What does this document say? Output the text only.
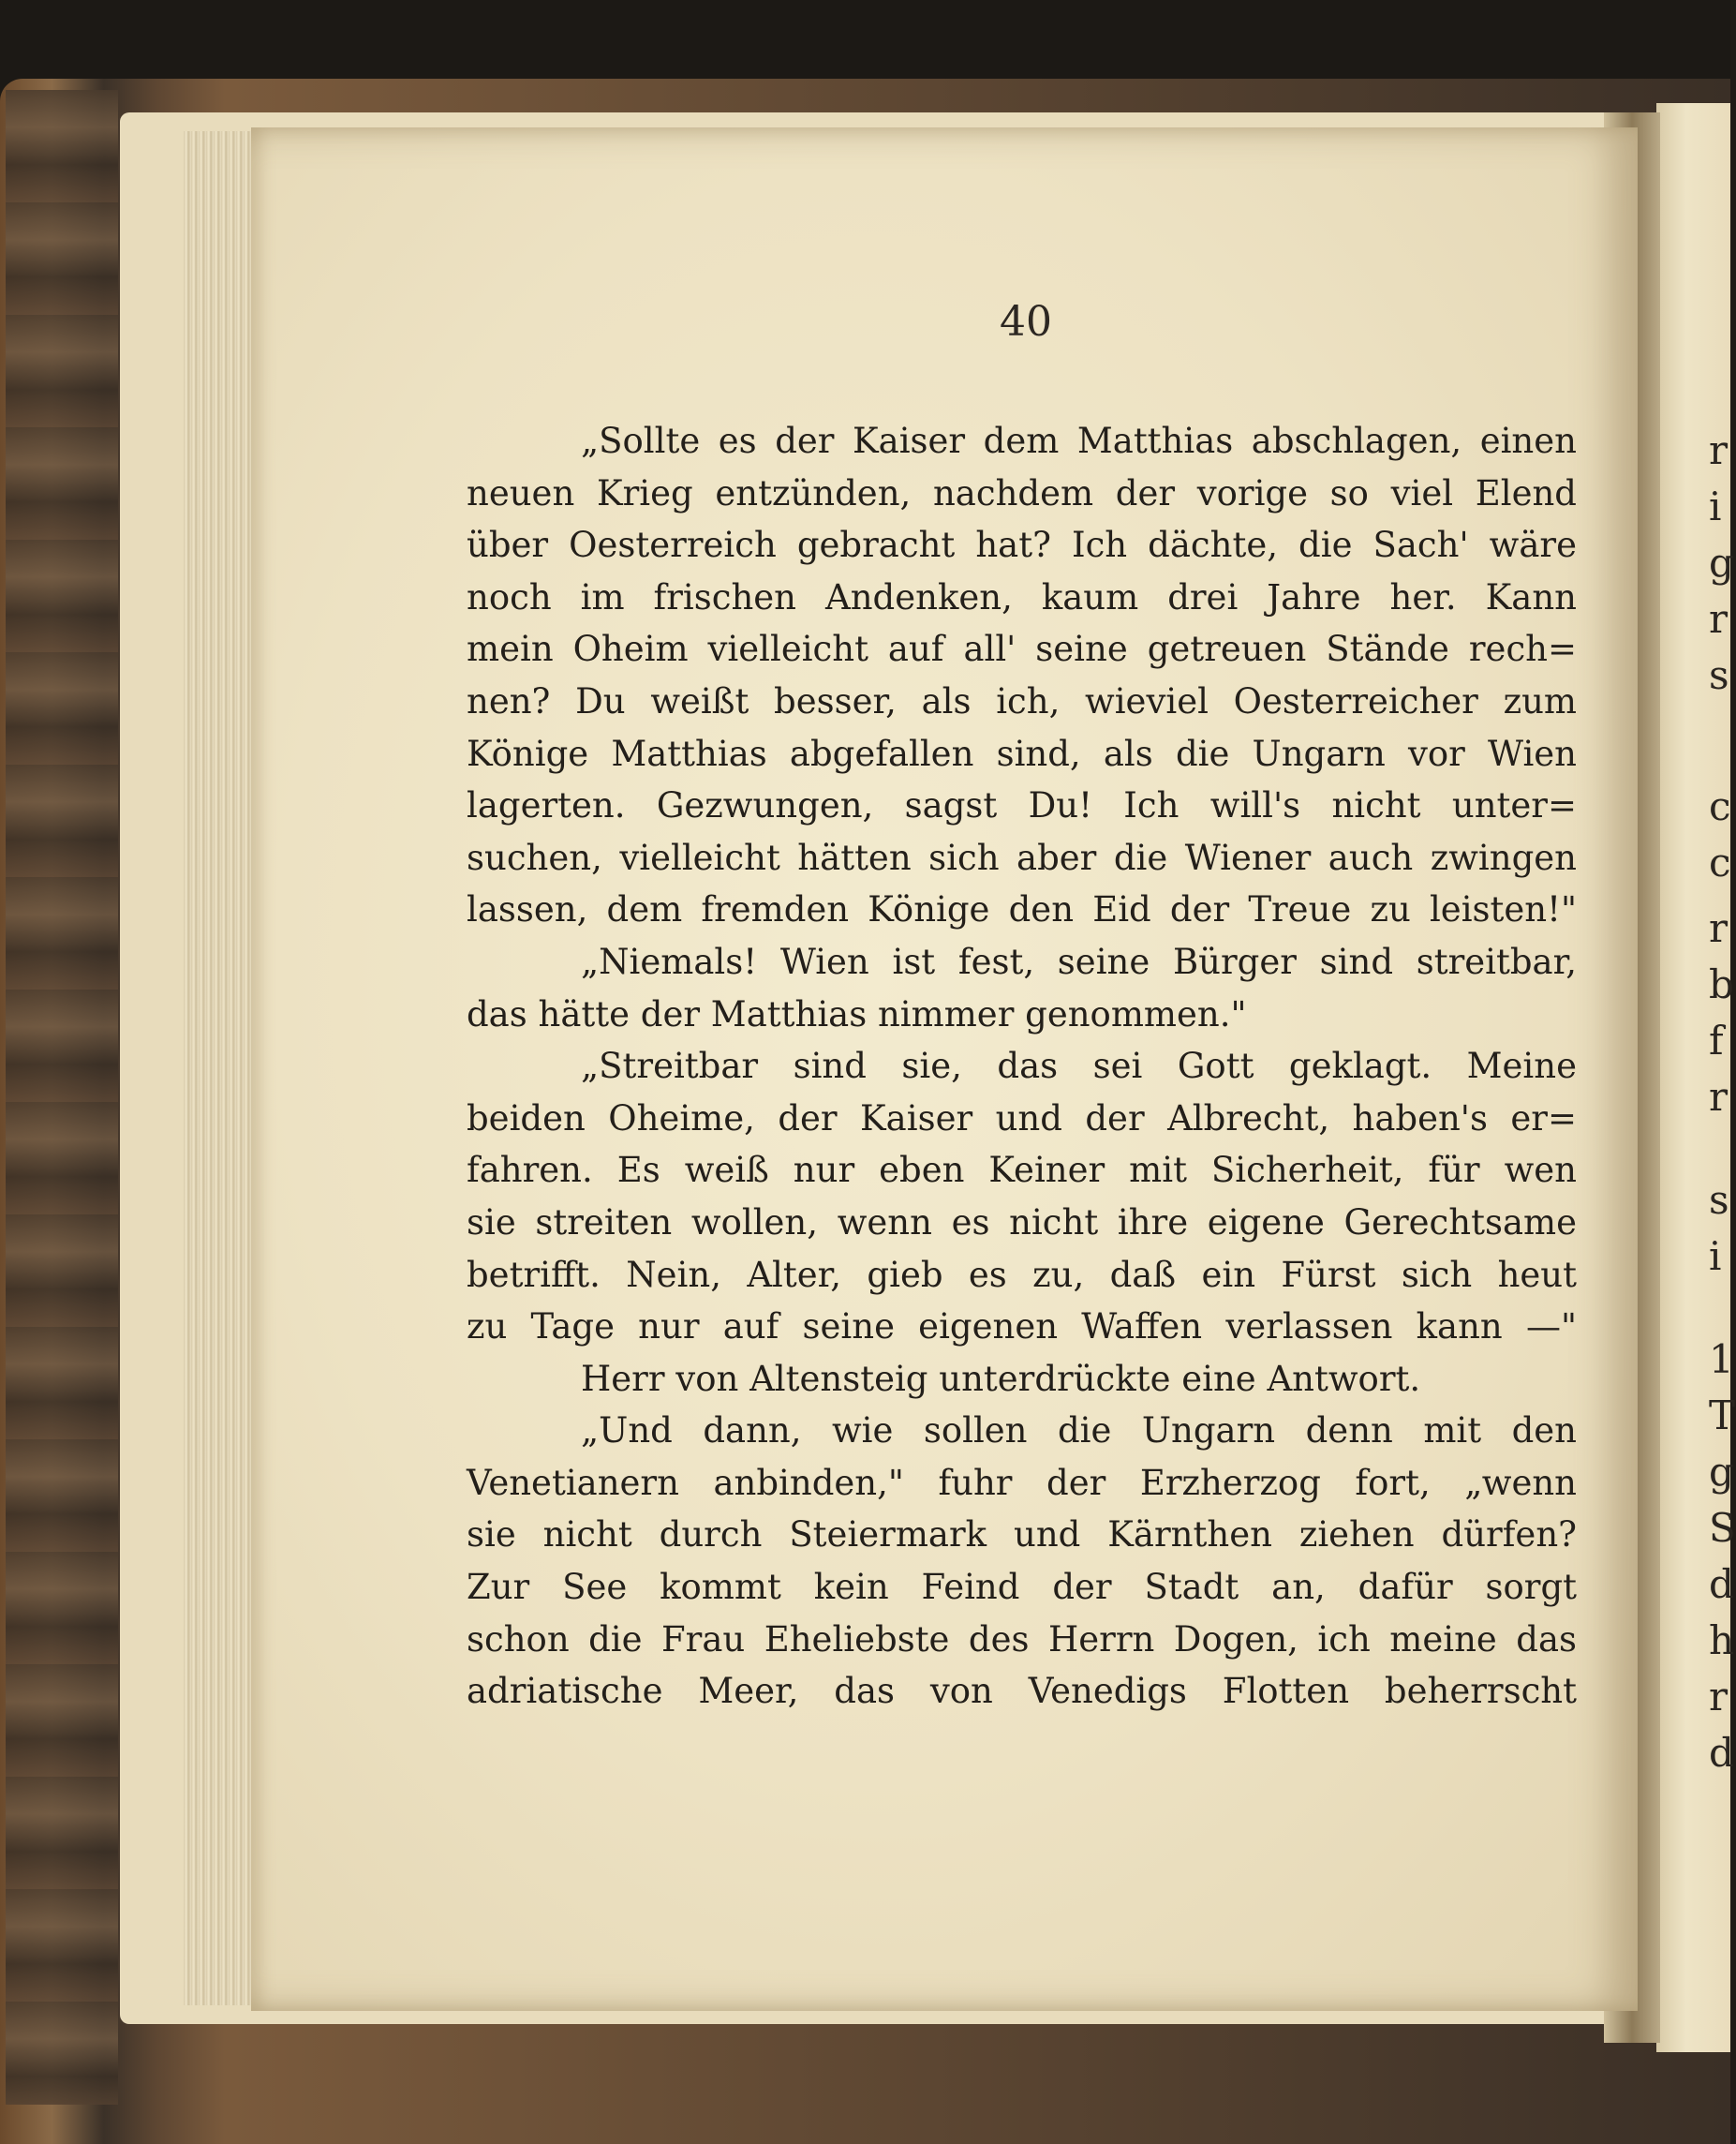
40
„Sollte es der Kaiser dem Matthias abschlagen, einen
neuen Krieg entzünden, nachdem der vorige so viel Elend
über Oesterreich gebracht hat? Ich dächte, die Sach' wäre
noch im frischen Andenken, kaum drei Jahre her. Kann
mein Oheim vielleicht auf all' seine getreuen Stände rech=
nen? Du weißt besser, als ich, wieviel Oesterreicher zum
Könige Matthias abgefallen sind, als die Ungarn vor Wien
lagerten. Gezwungen, sagst Du! Ich will's nicht unter=
suchen, vielleicht hätten sich aber die Wiener auch zwingen
lassen, dem fremden Könige den Eid der Treue zu leisten!"
„Niemals! Wien ist fest, seine Bürger sind streitbar,
das hätte der Matthias nimmer genommen."
„Streitbar sind sie, das sei Gott geklagt. Meine
beiden Oheime, der Kaiser und der Albrecht, haben's er=
fahren. Es weiß nur eben Keiner mit Sicherheit, für wen
sie streiten wollen, wenn es nicht ihre eigene Gerechtsame
betrifft. Nein, Alter, gieb es zu, daß ein Fürst sich heut
zu Tage nur auf seine eigenen Waffen verlassen kann —"
Herr von Altensteig unterdrückte eine Antwort.
„Und dann, wie sollen die Ungarn denn mit den
Venetianern anbinden," fuhr der Erzherzog fort, „wenn
sie nicht durch Steiermark und Kärnthen ziehen dürfen?
Zur See kommt kein Feind der Stadt an, dafür sorgt
schon die Frau Eheliebste des Herrn Dogen, ich meine das
adriatische Meer, das von Venedigs Flotten beherrscht
r
i
g
r
s
c
c
r
b
f
r
s
i
1
T
g
S
d
h
r
d
